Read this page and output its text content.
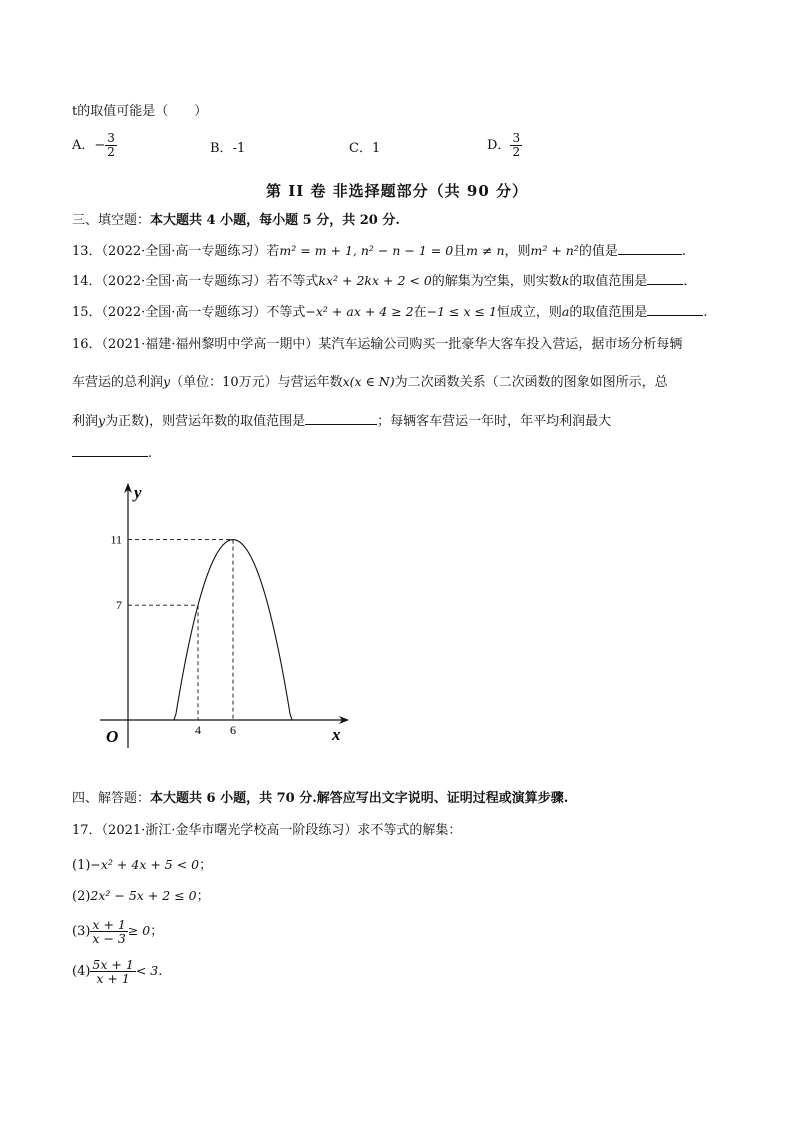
t的取值可能是（　　）
A．− $\frac{3}{2}$	B．-1	C．1	D． $\frac{3}{2}$
第 II 卷 非选择题部分（共 90 分）
三、填空题：本大题共 4 小题，每小题 5 分，共 20 分.
13．（2022·全国·高一专题练习）若m² = m + 1, n² − n − 1 = 0且m ≠ n，则m² + n²的值是	.
14．（2022·全国·高一专题练习）若不等式kx² + 2kx + 2 < 0的解集为空集，则实数k的取值范围是	．
15．（2022·全国·高一专题练习）不等式−x² + ax + 4 ≥ 2在−1 ≤ x ≤ 1恒成立，则a的取值范围是	.
16．（2021·福建·福州黎明中学高一期中）某汽车运输公司购买一批豪华大客车投入营运，据市场分析每辆
车营运的总利润y（单位：10万元）与营运年数x(x ∈ N)为二次函数关系（二次函数的图象如图所示，总
利润y为正数)，则营运年数的取值范围是	；每辆客车营运一年时，年平均利润最大
.
4 6
7
11
y
x
O
四、解答题：本大题共 6 小题，共 70 分.解答应写出文字说明、证明过程或演算步骤.
17．（2021·浙江·金华市曙光学校高一阶段练习）求不等式的解集：
(1)−x² + 4x + 5 < 0；
(2)2x² − 5x + 2 ≤ 0；
$(3) \frac{x + 1}{x - 3} \ge 0$；
$(4) \frac{5x + 1}{x + 1} < 3$.
